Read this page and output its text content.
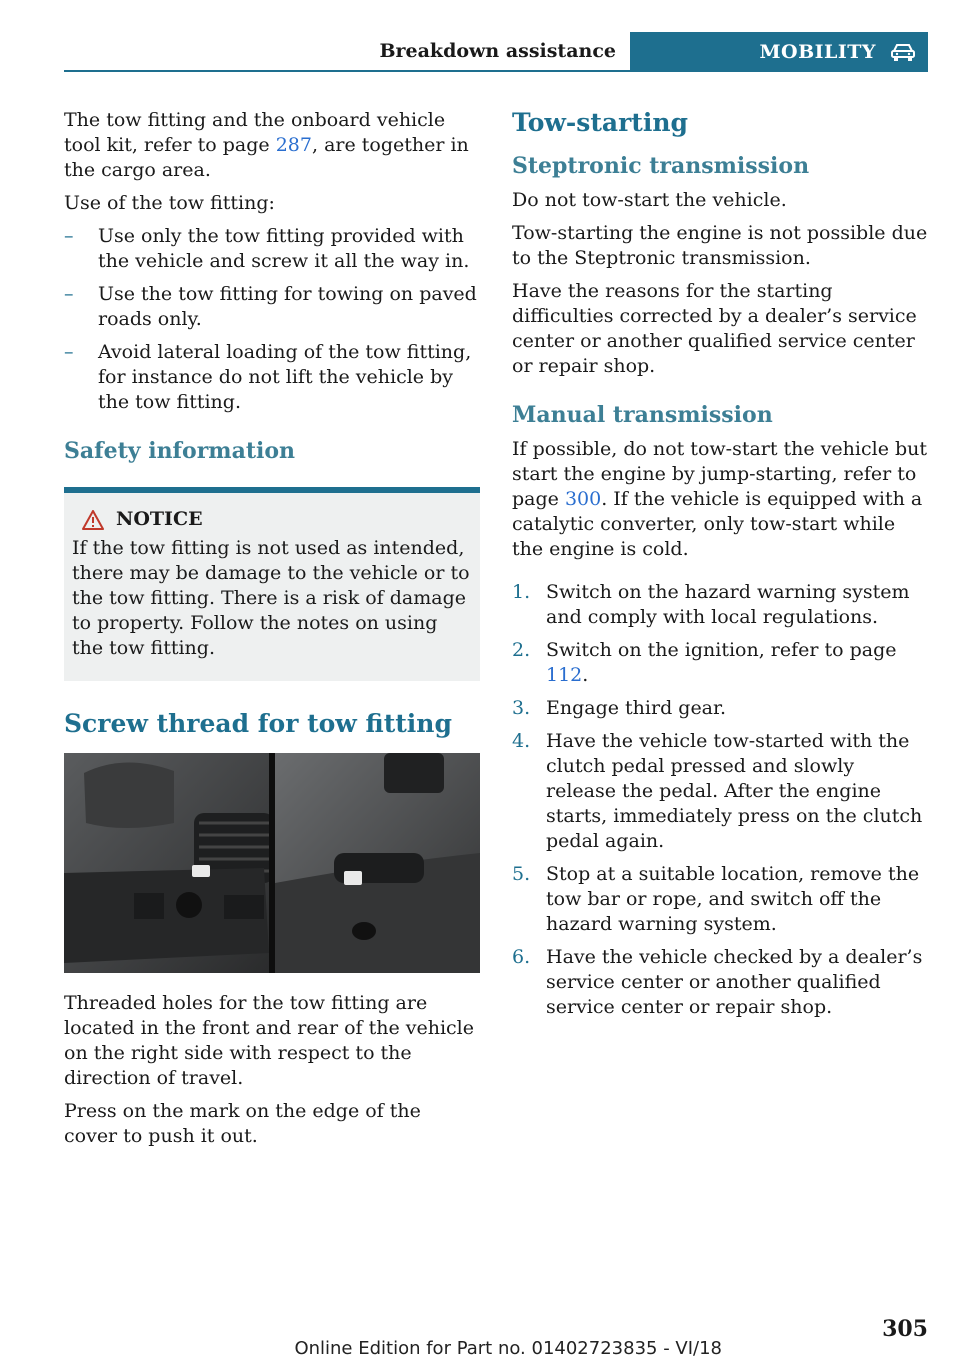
Breakdown assistance	MOBILITY

The tow fitting and the onboard vehicle tool kit, refer to page 287, are together in the cargo area.

Use of the tow fitting:

– Use only the tow fitting provided with the vehicle and screw it all the way in.
– Use the tow fitting for towing on paved roads only.
– Avoid lateral loading of the tow fitting, for instance do not lift the vehicle by the tow fitting.
Safety information
NOTICE

If the tow fitting is not used as intended, there may be damage to the vehicle or to the tow fitting. There is a risk of damage to property. Follow the notes on using the tow fitting.

Screw thread for tow fitting

Threaded holes for the tow fitting are located in the front and rear of the vehicle on the right side with respect to the direction of travel.

Press on the mark on the edge of the cover to push it out.

Tow-starting
Steptronic transmission

Do not tow-start the vehicle.

Tow-starting the engine is not possible due to the Steptronic transmission.

Have the reasons for the starting difficulties corrected by a dealer’s service center or another qualified service center or repair shop.

Manual transmission

If possible, do not tow-start the vehicle but start the engine by jump-starting, refer to page 300. If the vehicle is equipped with a catalytic converter, only tow-start while the engine is cold.

1. Switch on the hazard warning system and comply with local regulations.
2. Switch on the ignition, refer to page 112.
3. Engage third gear.
4. Have the vehicle tow-started with the clutch pedal pressed and slowly release the pedal. After the engine starts, immediately press on the clutch pedal again.
5. Stop at a suitable location, remove the tow bar or rope, and switch off the hazard warning system.
6. Have the vehicle checked by a dealer’s service center or another qualified service center or repair shop.
305
Online Edition for Part no. 01402723835 - VI/18
